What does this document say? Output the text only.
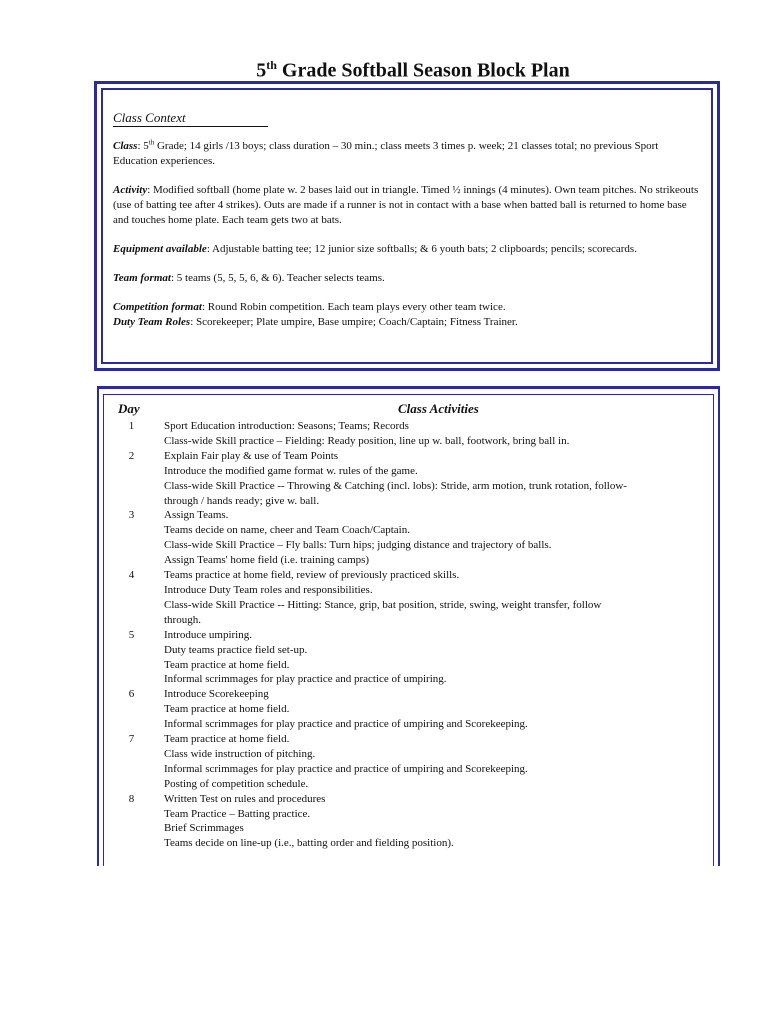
5th Grade Softball Season Block Plan
Class Context

Class: 5th Grade; 14 girls /13 boys; class duration – 30 min.; class meets 3 times p. week; 21 classes total; no previous Sport Education experiences.

Activity: Modified softball (home plate w. 2 bases laid out in triangle. Timed ½ innings (4 minutes). Own team pitches. No strikeouts (use of batting tee after 4 strikes). Outs are made if a runner is not in contact with a base when batted ball is returned to home base and touches home plate. Each team gets two at bats.

Equipment available: Adjustable batting tee; 12 junior size softballs; & 6 youth bats; 2 clipboards; pencils; scorecards.

Team format: 5 teams (5, 5, 5, 6, & 6). Teacher selects teams.

Competition format: Round Robin competition. Each team plays every other team twice.

Duty Team Roles: Scorekeeper; Plate umpire, Base umpire; Coach/Captain; Fitness Trainer.

Day	Class Activities
1	Sport Education introduction: Seasons; Teams; Records
Class-wide Skill practice – Fielding: Ready position, line up w. ball, footwork, bring ball in.
2	Explain Fair play & use of Team Points
Introduce the modified game format w. rules of the game.
Class-wide Skill Practice -- Throwing & Catching (incl. lobs): Stride, arm motion, trunk rotation, follow-
through / hands ready; give w. ball.
3	Assign Teams.
Teams decide on name, cheer and Team Coach/Captain.
Class-wide Skill Practice – Fly balls: Turn hips; judging distance and trajectory of balls.
Assign Teams' home field (i.e. training camps)
4	Teams practice at home field, review of previously practiced skills.
Introduce Duty Team roles and responsibilities.
Class-wide Skill Practice -- Hitting: Stance, grip, bat position, stride, swing, weight transfer, follow
through.
5	Introduce umpiring.
Duty teams practice field set-up.
Team practice at home field.
Informal scrimmages for play practice and practice of umpiring.
6	Introduce Scorekeeping
Team practice at home field.
Informal scrimmages for play practice and practice of umpiring and Scorekeeping.
7	Team practice at home field.
Class wide instruction of pitching.
Informal scrimmages for play practice and practice of umpiring and Scorekeeping.
Posting of competition schedule.
8	Written Test on rules and procedures
Team Practice – Batting practice.
Brief Scrimmages
Teams decide on line-up (i.e., batting order and fielding position).
